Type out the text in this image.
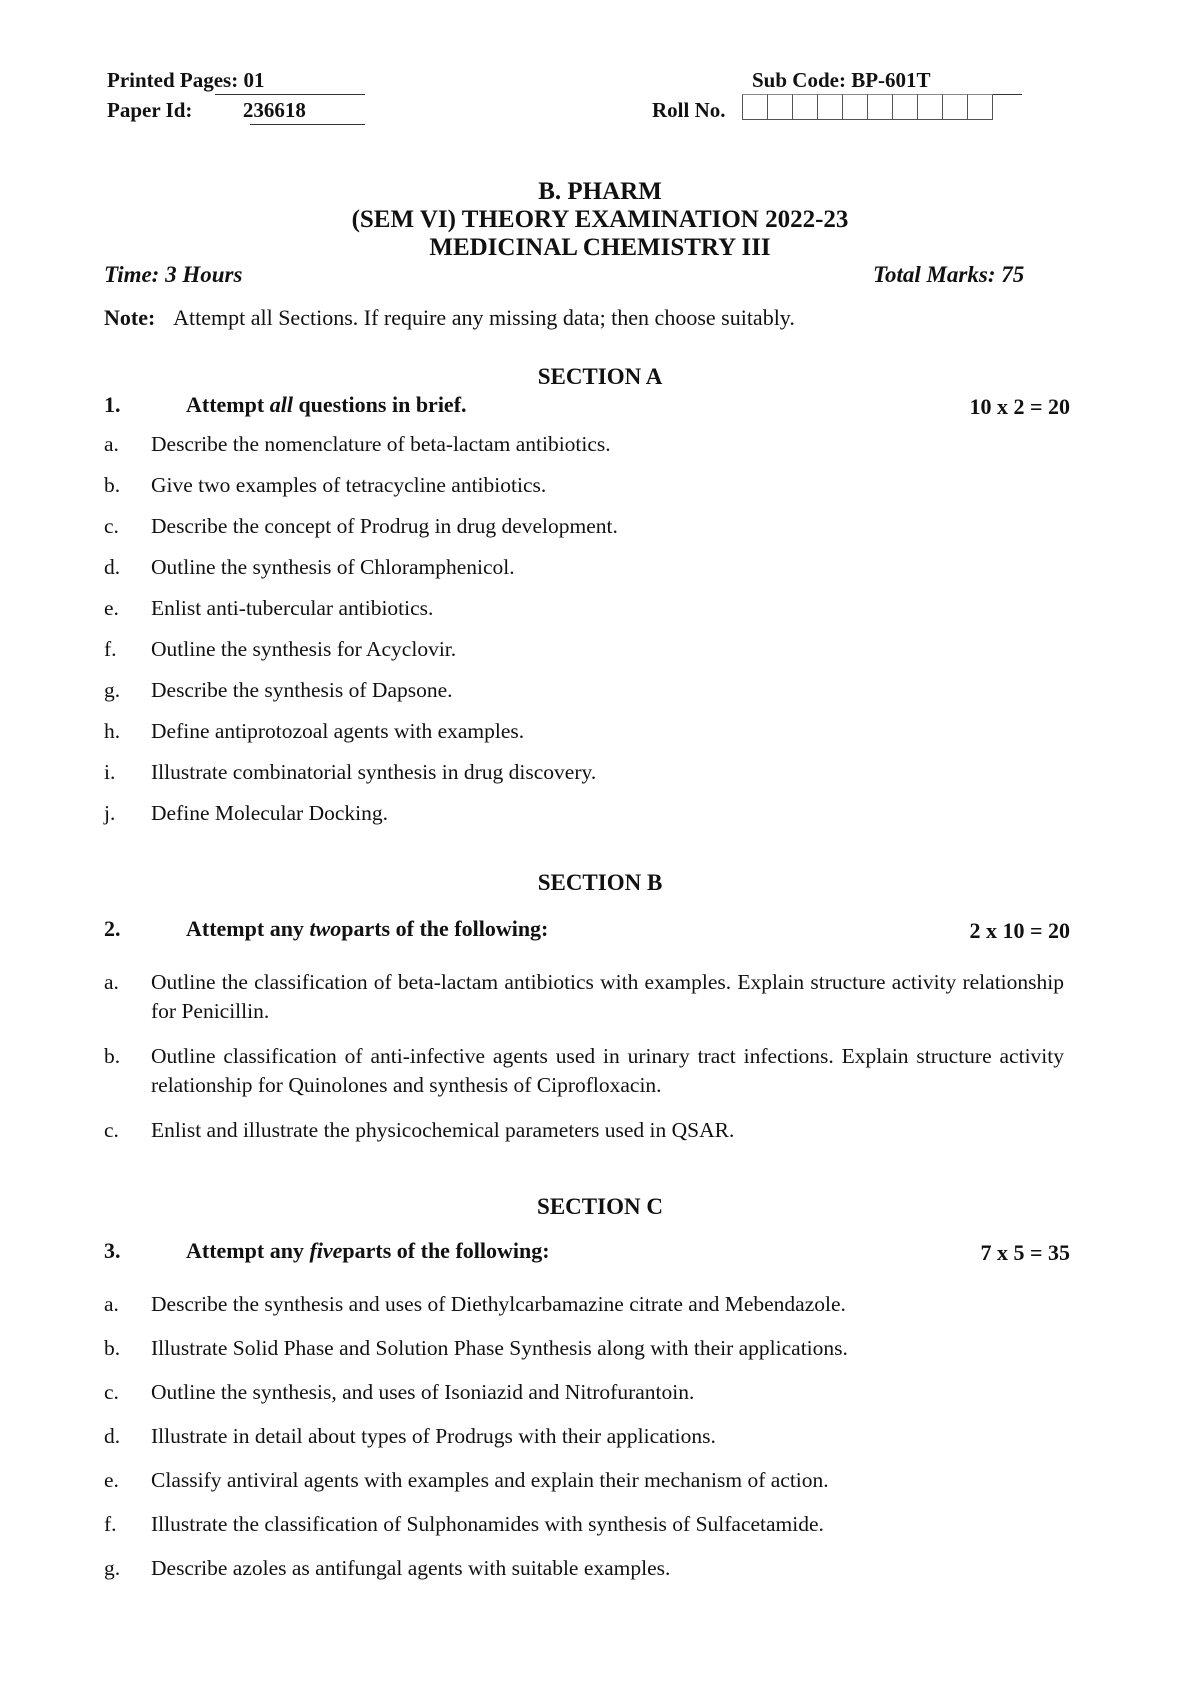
Printed Pages: 01
Paper Id: 236618
Sub Code: BP-601T
Roll No.
B. PHARM
(SEM VI) THEORY EXAMINATION 2022-23
MEDICINAL CHEMISTRY III
Time: 3 Hours	Total Marks: 75
Note: Attempt all Sections. If require any missing data; then choose suitably.
SECTION A
1.	Attempt all questions in brief.	10 x 2 = 20
a.	Describe the nomenclature of beta-lactam antibiotics.
b.	Give two examples of tetracycline antibiotics.
c.	Describe the concept of Prodrug in drug development.
d.	Outline the synthesis of Chloramphenicol.
e.	Enlist anti-tubercular antibiotics.
f.	Outline the synthesis for Acyclovir.
g.	Describe the synthesis of Dapsone.
h.	Define antiprotozoal agents with examples.
i.	Illustrate combinatorial synthesis in drug discovery.
j.	Define Molecular Docking.
SECTION B
2.	Attempt any twoparts of the following:	2 x 10 = 20
a.	Outline the classification of beta-lactam antibiotics with examples. Explain structure activity relationship for Penicillin.
b.	Outline classification of anti-infective agents used in urinary tract infections. Explain structure activity relationship for Quinolones and synthesis of Ciprofloxacin.
c.	Enlist and illustrate the physicochemical parameters used in QSAR.
SECTION C
3.	Attempt any fiveparts of the following:	7 x 5 = 35
a.	Describe the synthesis and uses of Diethylcarbamazine citrate and Mebendazole.
b.	Illustrate Solid Phase and Solution Phase Synthesis along with their applications.
c.	Outline the synthesis, and uses of Isoniazid and Nitrofurantoin.
d.	Illustrate in detail about types of Prodrugs with their applications.
e.	Classify antiviral agents with examples and explain their mechanism of action.
f.	Illustrate the classification of Sulphonamides with synthesis of Sulfacetamide.
g.	Describe azoles as antifungal agents with suitable examples.
